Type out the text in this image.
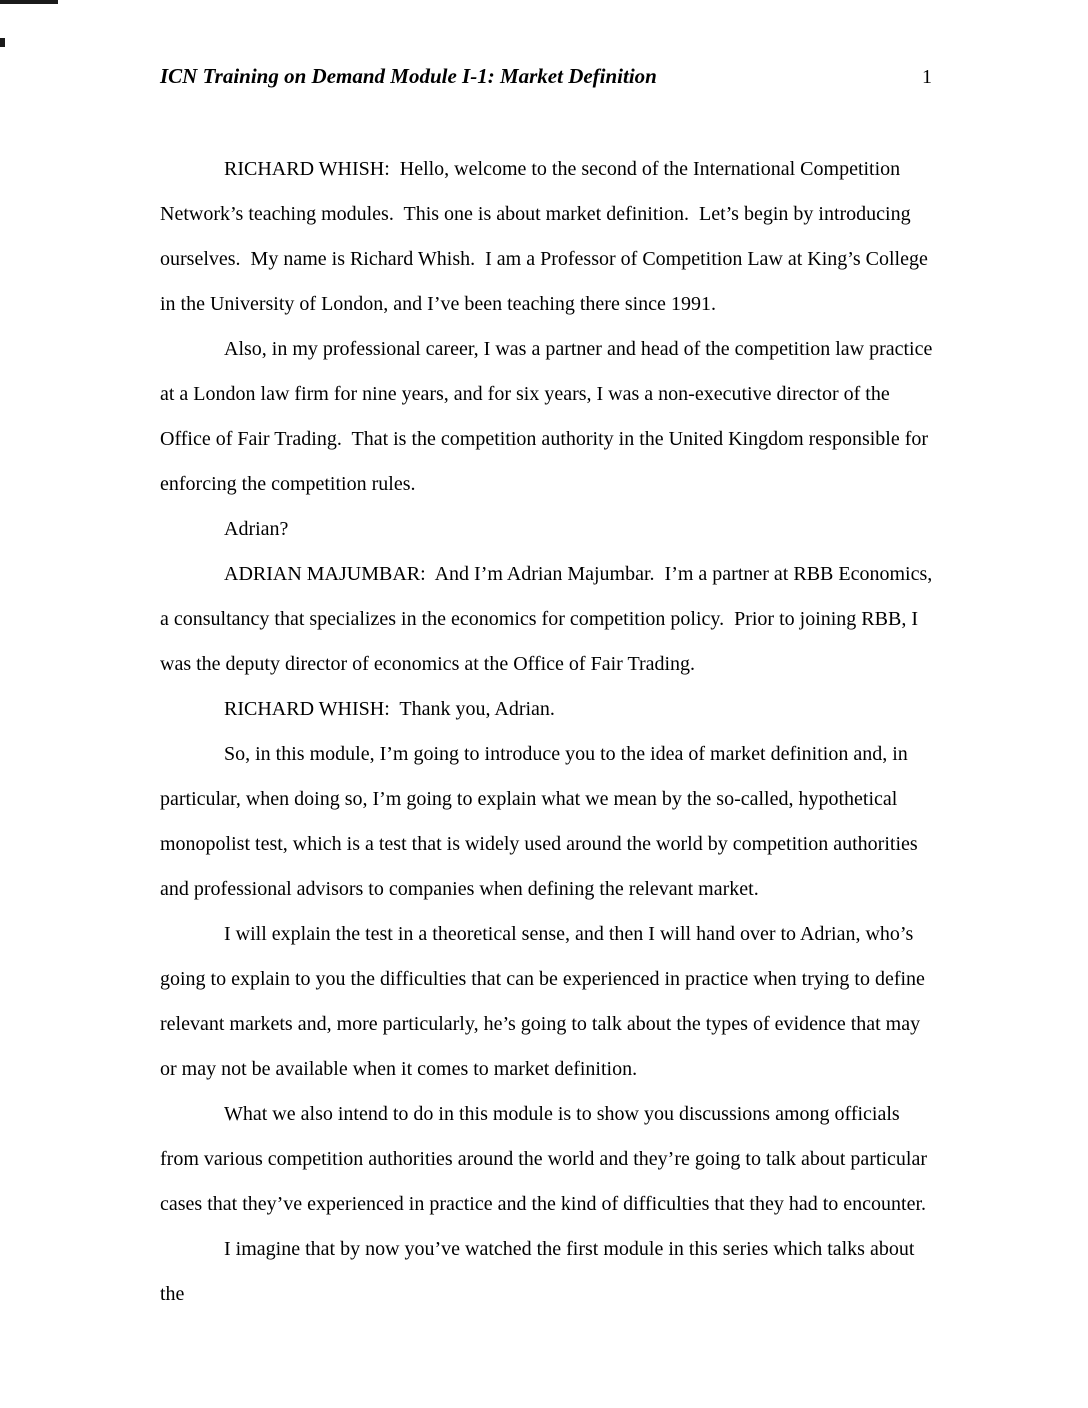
ICN Training on Demand Module I-1: Market Definition	1

RICHARD WHISH:  Hello, welcome to the second of the International Competition Network’s teaching modules.  This one is about market definition.  Let’s begin by introducing ourselves.  My name is Richard Whish.  I am a Professor of Competition Law at King’s College in the University of London, and I’ve been teaching there since 1991.

Also, in my professional career, I was a partner and head of the competition law practice at a London law firm for nine years, and for six years, I was a non-executive director of the Office of Fair Trading.  That is the competition authority in the United Kingdom responsible for enforcing the competition rules.

Adrian?

ADRIAN MAJUMBAR:  And I’m Adrian Majumbar.  I’m a partner at RBB Economics, a consultancy that specializes in the economics for competition policy.  Prior to joining RBB, I was the deputy director of economics at the Office of Fair Trading.

RICHARD WHISH:  Thank you, Adrian.

So, in this module, I’m going to introduce you to the idea of market definition and, in particular, when doing so, I’m going to explain what we mean by the so-called, hypothetical monopolist test, which is a test that is widely used around the world by competition authorities and professional advisors to companies when defining the relevant market.

I will explain the test in a theoretical sense, and then I will hand over to Adrian, who’s going to explain to you the difficulties that can be experienced in practice when trying to define relevant markets and, more particularly, he’s going to talk about the types of evidence that may or may not be available when it comes to market definition.

What we also intend to do in this module is to show you discussions among officials from various competition authorities around the world and they’re going to talk about particular cases that they’ve experienced in practice and the kind of difficulties that they had to encounter.

I imagine that by now you’ve watched the first module in this series which talks about the
